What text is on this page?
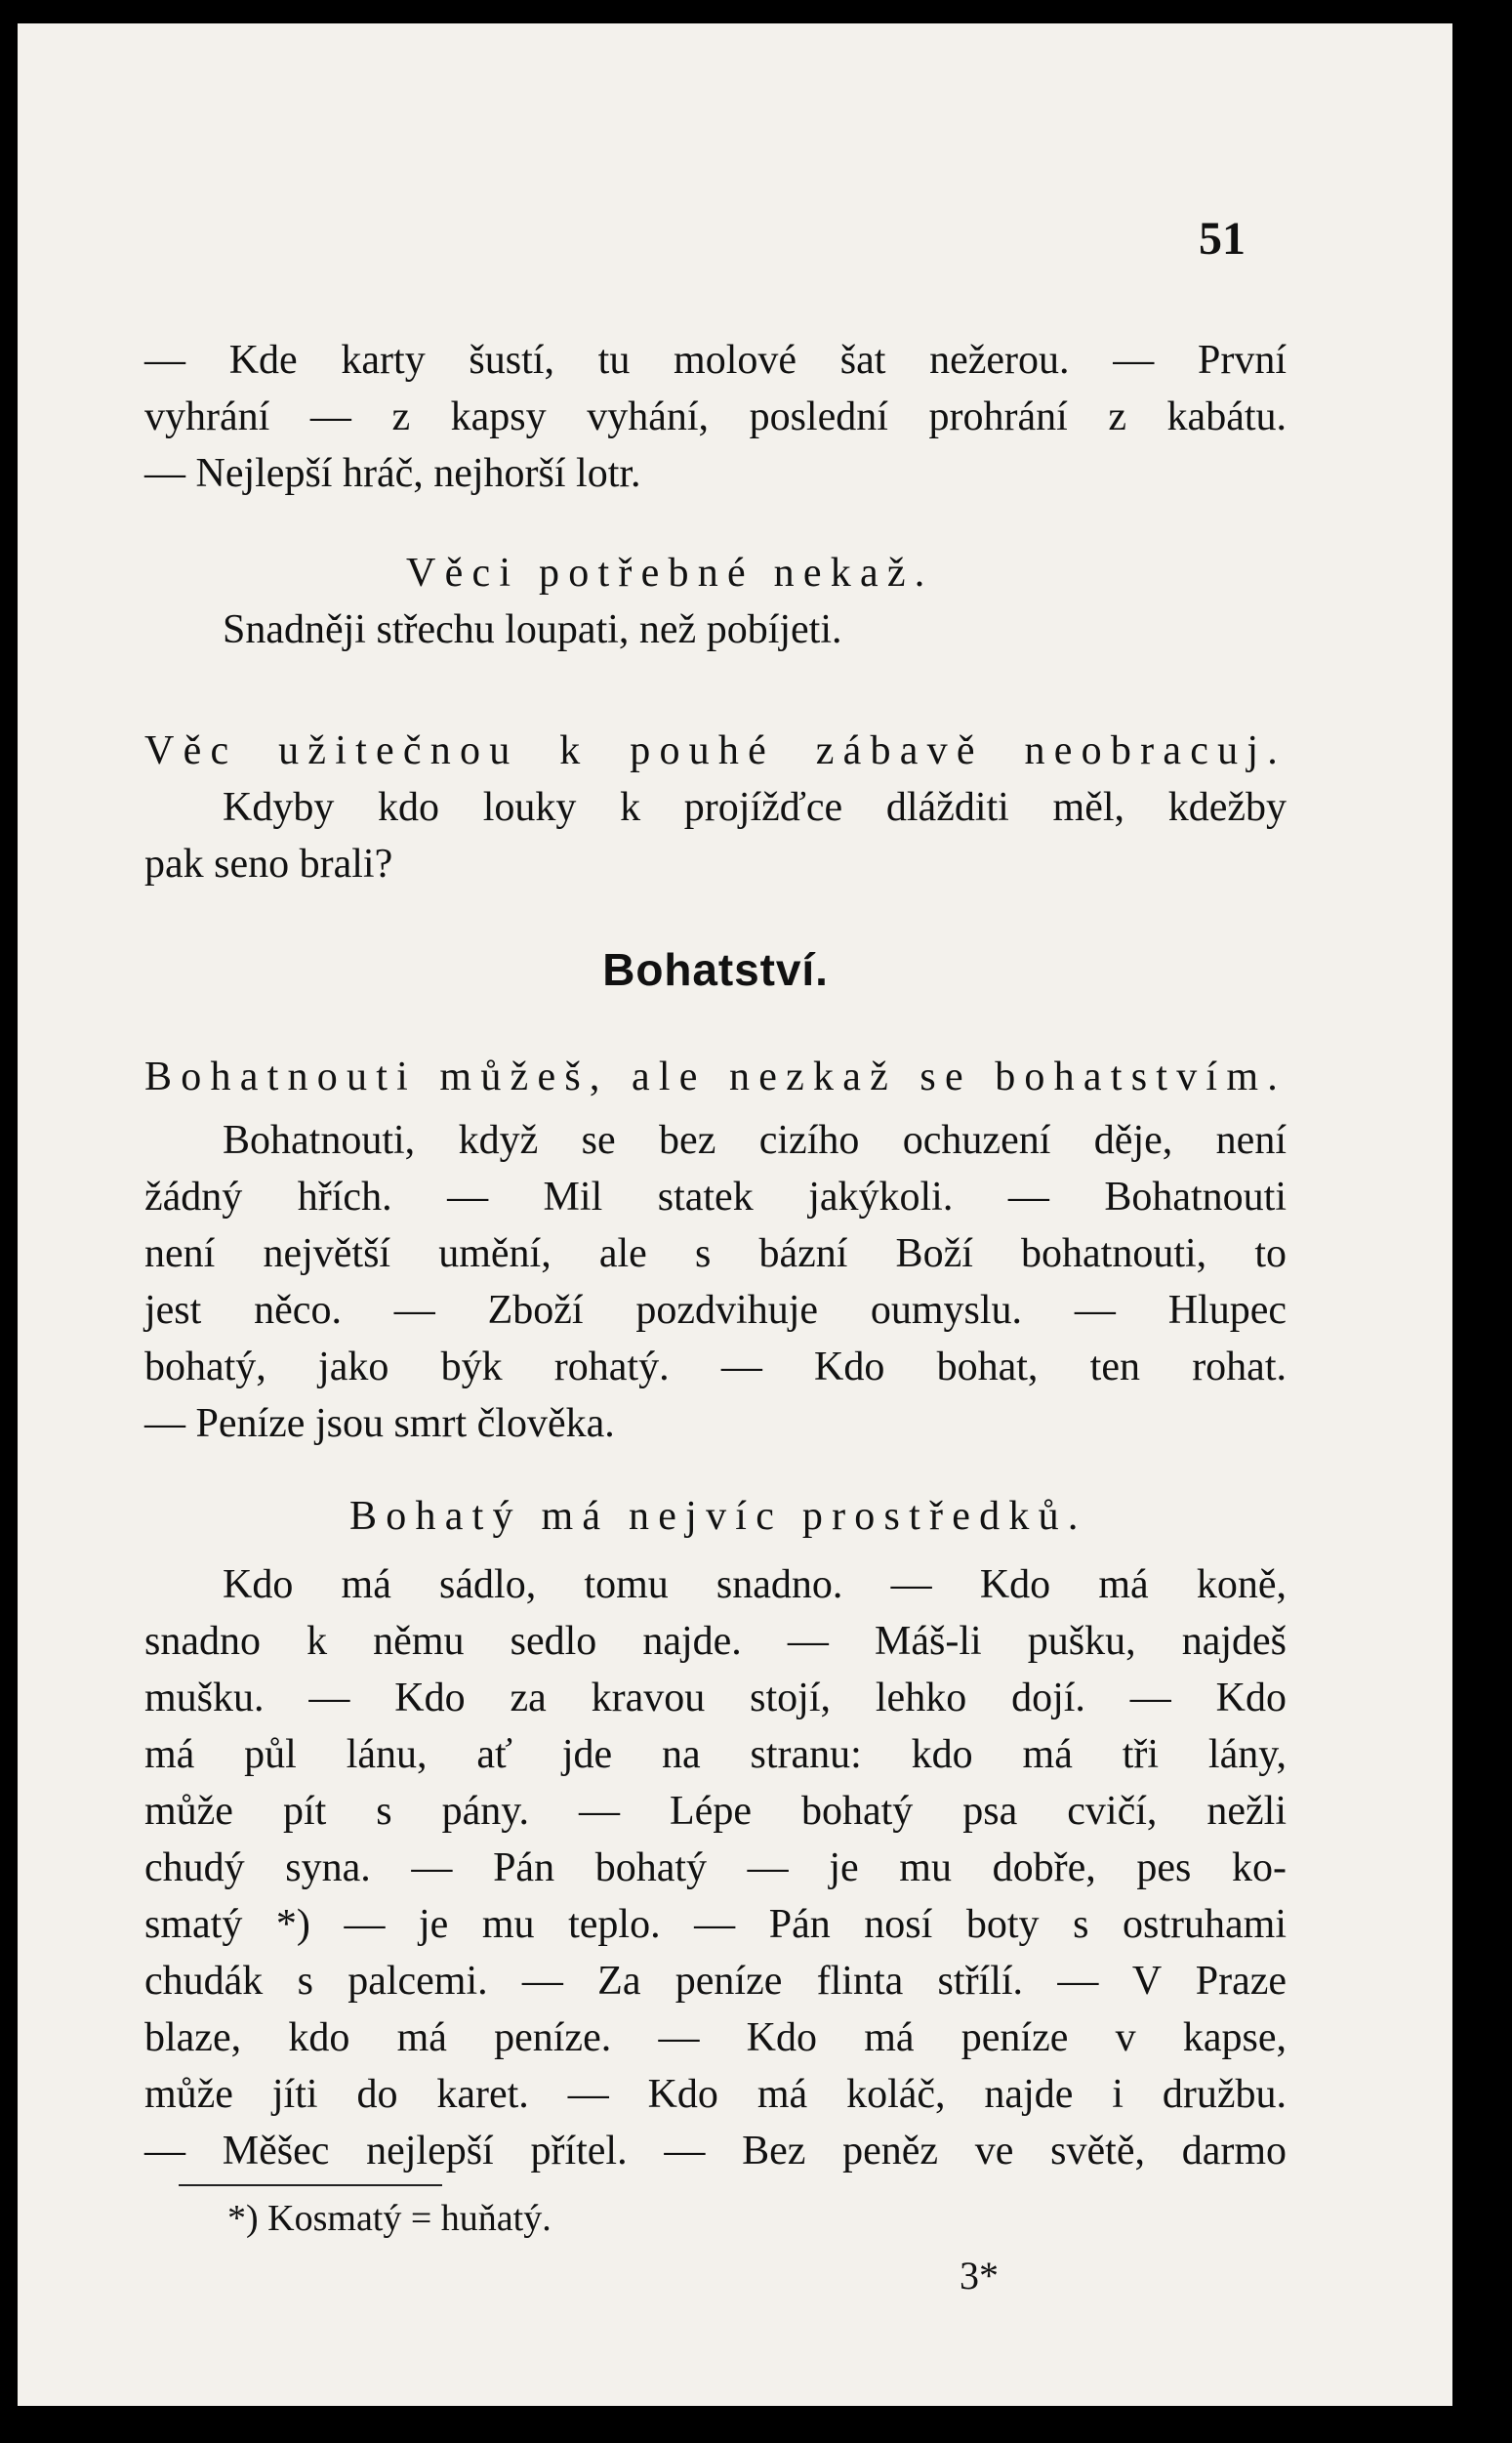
51
— Kde karty šustí, tu molové šat nežerou. — První
vyhrání — z kapsy vyhání, poslední prohrání z kabátu.
— Nejlepší hráč, nejhorší lotr.
Věci potřebné nekaž.
Snadněji střechu loupati, než pobíjeti.
Věc užitečnou k pouhé zábavě neobracuj.
Kdyby kdo louky k projížďce dlážditi měl, kdežby
pak seno brali?
Bohatství.
Bohatnouti můžeš, ale nezkaž se bohatstvím.
Bohatnouti, když se bez cizího ochuzení děje, není
žádný hřích. — Mil statek jakýkoli. — Bohatnouti
není největší umění, ale s bázní Boží bohatnouti, to
jest něco. — Zboží pozdvihuje oumyslu. — Hlupec
bohatý, jako býk rohatý. — Kdo bohat, ten rohat.
— Peníze jsou smrt člověka.
Bohatý má nejvíc prostředků.
Kdo má sádlo, tomu snadno. — Kdo má koně,
snadno k němu sedlo najde. — Máš-li pušku, najdeš
mušku. — Kdo za kravou stojí, lehko dojí. — Kdo
má půl lánu, ať jde na stranu: kdo má tři lány,
může pít s pány. — Lépe bohatý psa cvičí, nežli
chudý syna. — Pán bohatý — je mu dobře, pes ko-
smatý *) — je mu teplo. — Pán nosí boty s ostruhami
chudák s palcemi. — Za peníze flinta střílí. — V Praze
blaze, kdo má peníze. — Kdo má peníze v kapse,
může jíti do karet. — Kdo má koláč, najde i družbu.
— Měšec nejlepší přítel. — Bez peněz ve světě, darmo
*) Kosmatý = huňatý.
3*
